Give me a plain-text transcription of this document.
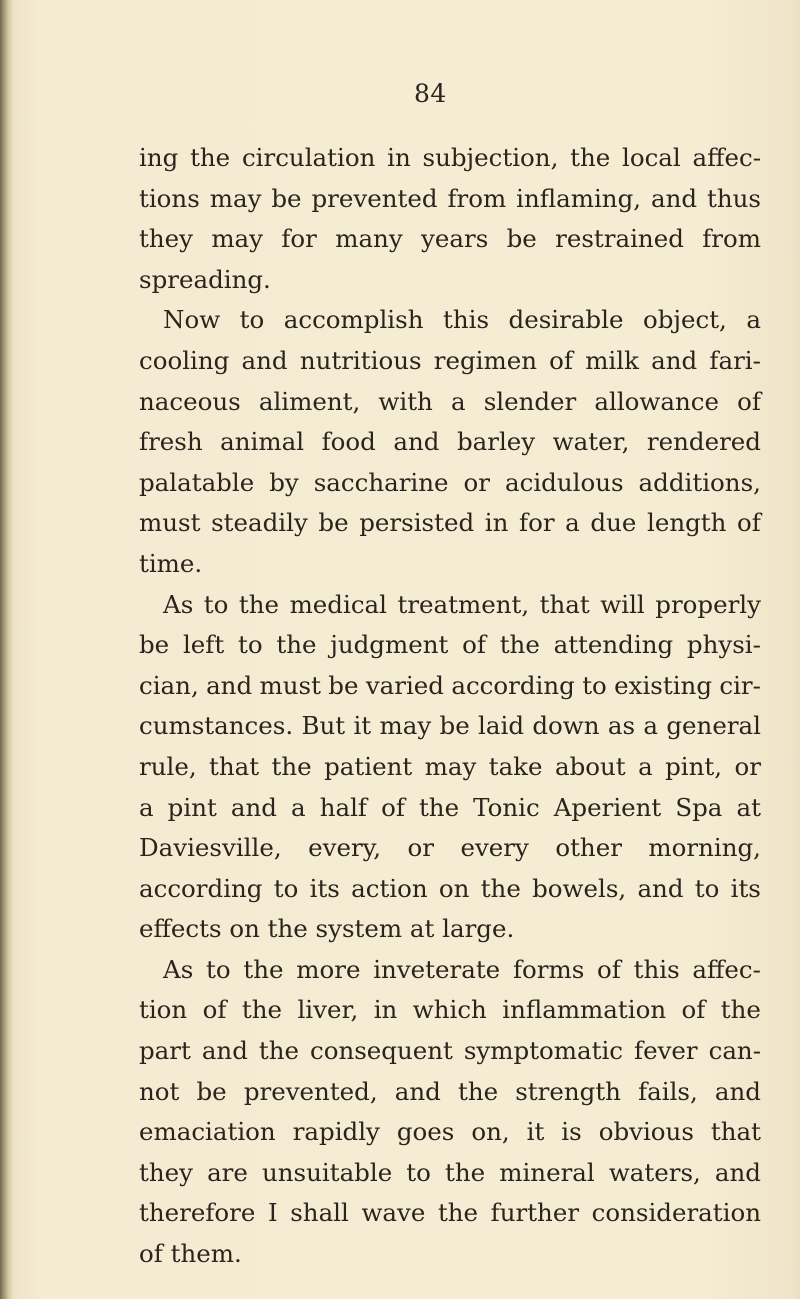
84
ing the circulation in subjection, the local affec-
tions may be prevented from inflaming, and thus
they may for many years be restrained from
spreading.
Now to accomplish this desirable object, a
cooling and nutritious regimen of milk and fari-
naceous aliment, with a slender allowance of
fresh animal food and barley water, rendered
palatable by saccharine or acidulous additions,
must steadily be persisted in for a due length of
time.
As to the medical treatment, that will properly
be left to the judgment of the attending physi-
cian, and must be varied according to existing cir-
cumstances. But it may be laid down as a general
rule, that the patient may take about a pint, or
a pint and a half of the Tonic Aperient Spa at
Daviesville, every, or every other morning,
according to its action on the bowels, and to its
effects on the system at large.
As to the more inveterate forms of this affec-
tion of the liver, in which inflammation of the
part and the consequent symptomatic fever can-
not be prevented, and the strength fails, and
emaciation rapidly goes on, it is obvious that
they are unsuitable to the mineral waters, and
therefore I shall wave the further consideration
of them.
